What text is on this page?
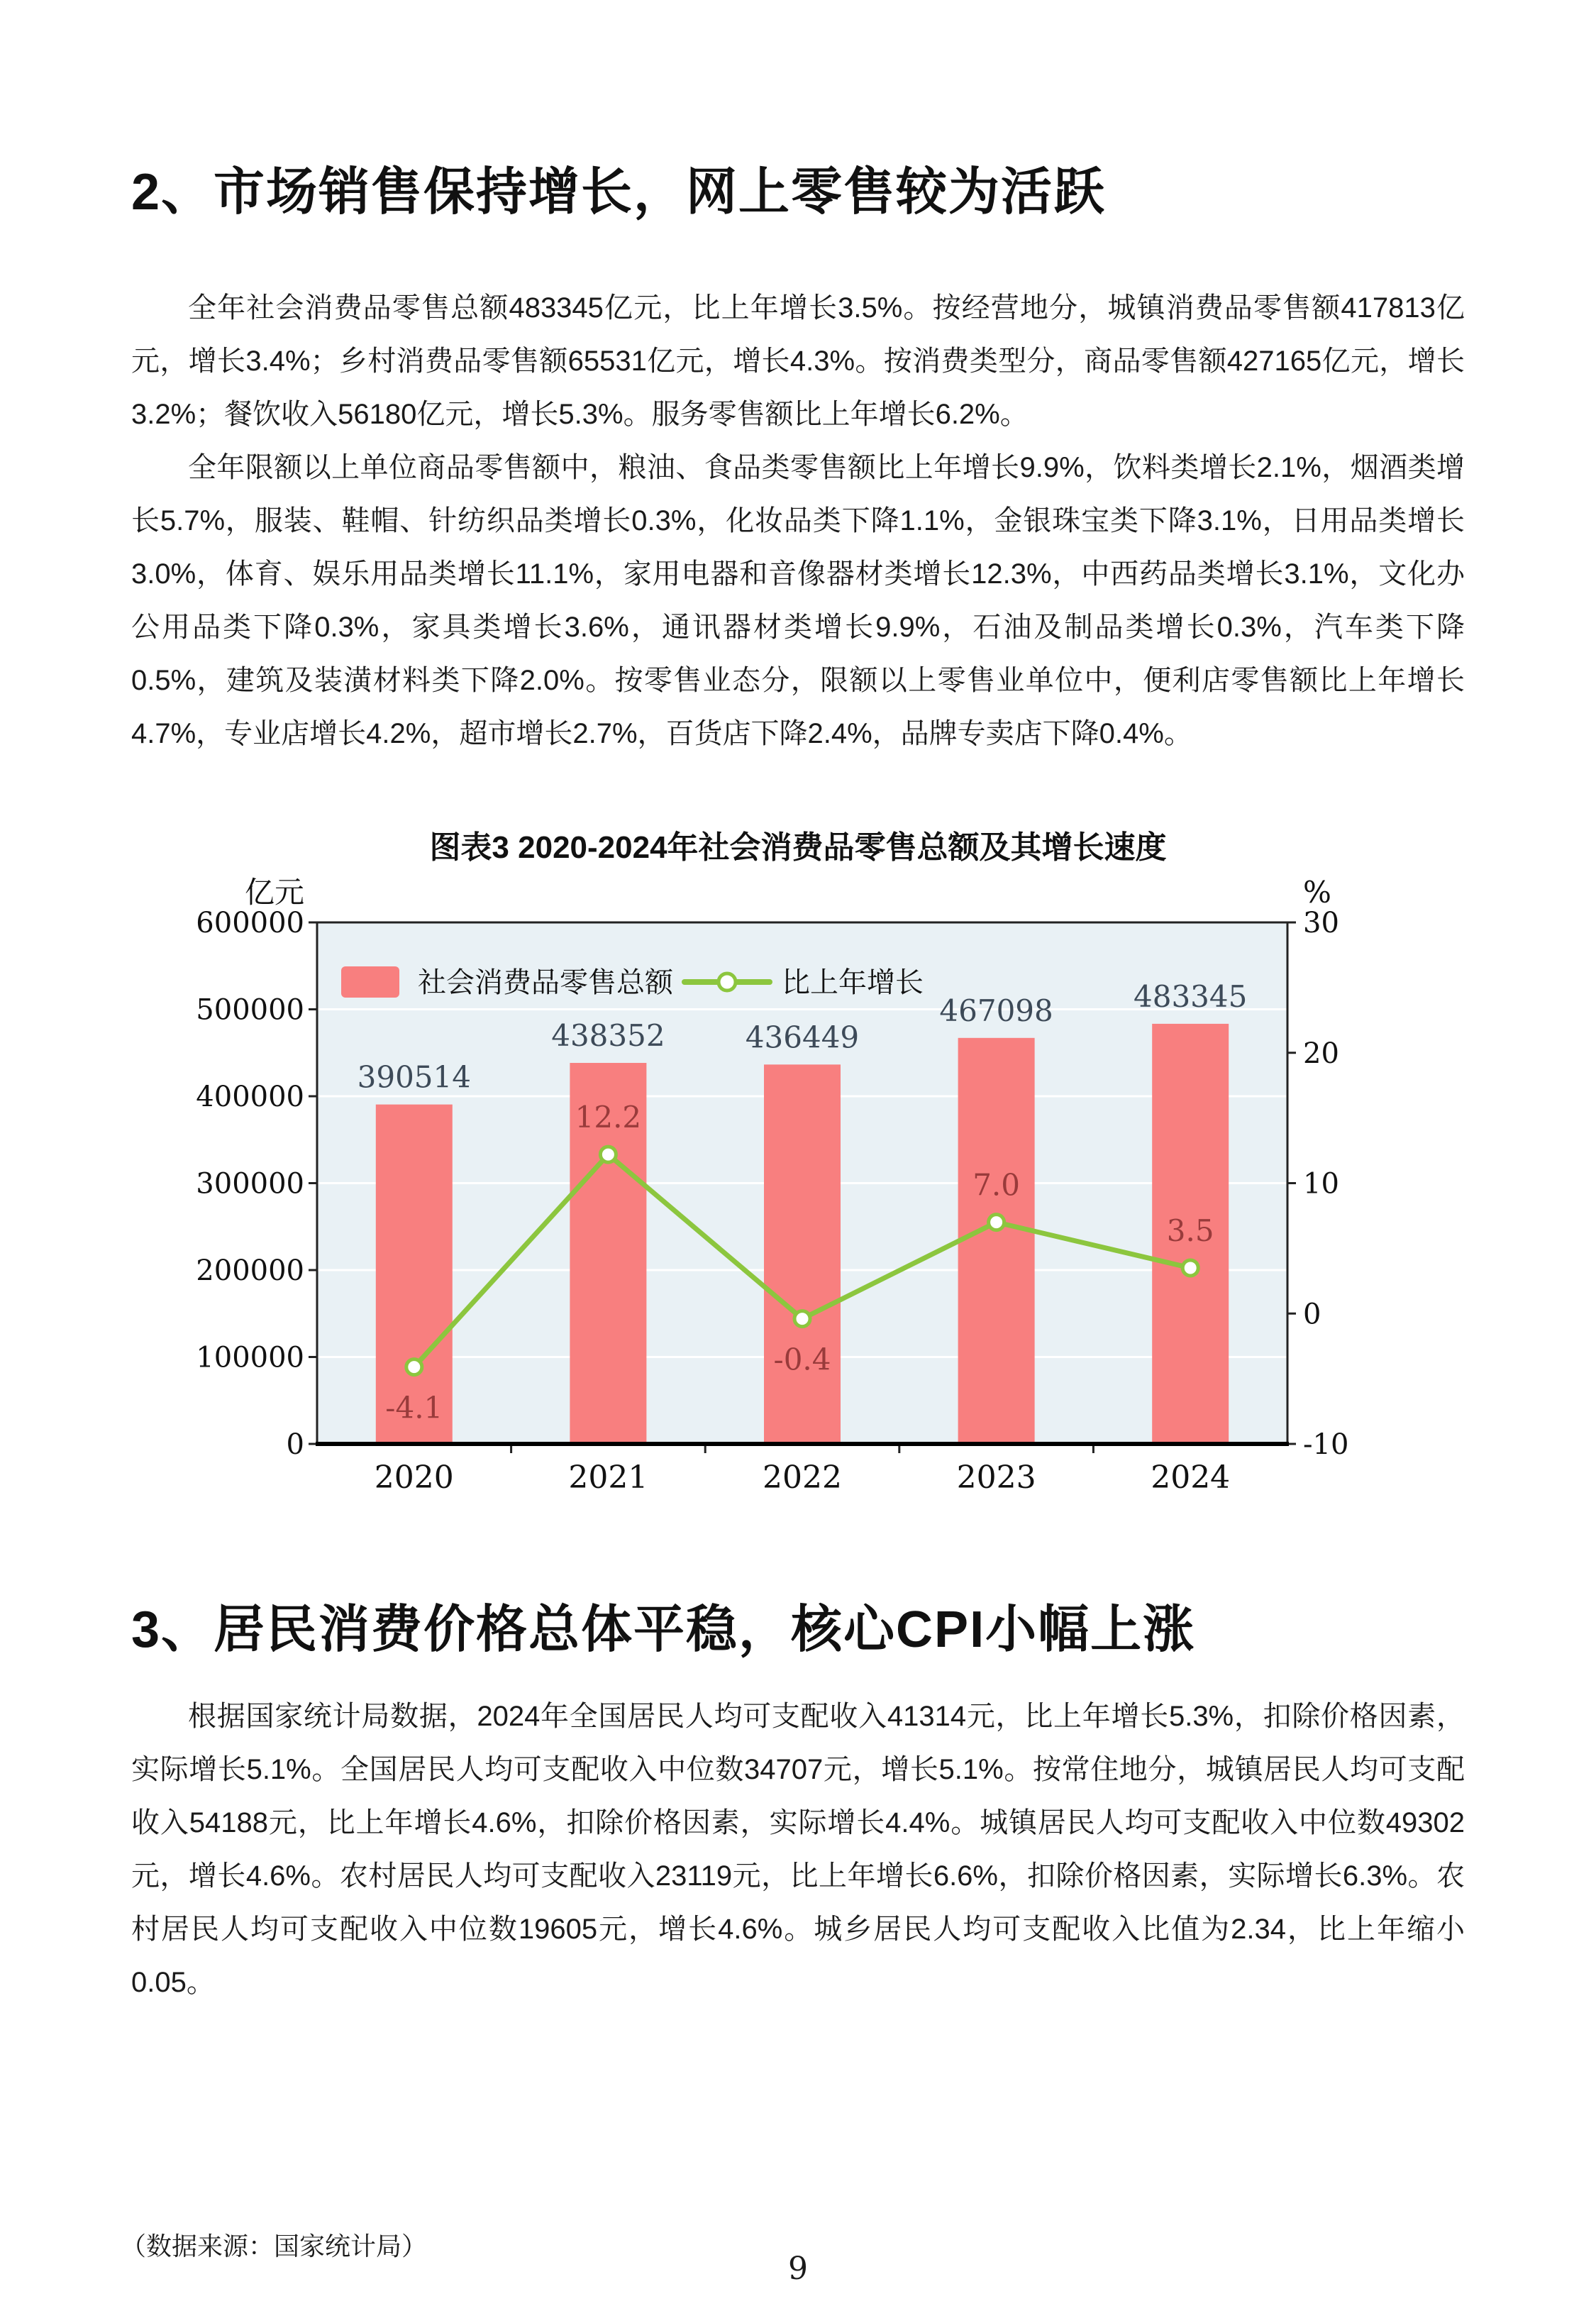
2、市场销售保持增长，网上零售较为活跃

全年社会消费品零售总额483345亿元，比上年增长3.5%。按经营地分，城镇消费品零售额417813亿元，增长3.4%；乡村消费品零售额65531亿元，增长4.3%。按消费类型分，商品零售额427165亿元，增长3.2%；餐饮收入56180亿元，增长5.3%。服务零售额比上年增长6.2%。

全年限额以上单位商品零售额中，粮油、食品类零售额比上年增长9.9%，饮料类增长2.1%，烟酒类增长5.7%，服装、鞋帽、针纺织品类增长0.3%，化妆品类下降1.1%，金银珠宝类下降3.1%，日用品类增长3.0%，体育、娱乐用品类增长11.1%，家用电器和音像器材类增长12.3%，中西药品类增长3.1%，文化办公用品类下降0.3%，家具类增长3.6%，通讯器材类增长9.9%，石油及制品类增长0.3%，汽车类下降0.5%，建筑及装潢材料类下降2.0%。按零售业态分，限额以上零售业单位中，便利店零售额比上年增长4.7%，专业店增长4.2%，超市增长2.7%，百货店下降2.4%，品牌专卖店下降0.4%。

图表3 2020-2024年社会消费品零售总额及其增长速度
600000
500000
400000
300000
200000
100000
0
亿元
30
20
10
0
-10
%
390514
2020
438352
2021
436449
2022
467098
2023
483345
2024
-4.1
12.2
-0.4
7.0
3.5
社会消费品零售总额	比上年增长
3、居民消费价格总体平稳，核心CPI小幅上涨

根据国家统计局数据，2024年全国居民人均可支配收入41314元，比上年增长5.3%，扣除价格因素，实际增长5.1%。全国居民人均可支配收入中位数34707元，增长5.1%。按常住地分，城镇居民人均可支配收入54188元，比上年增长4.6%，扣除价格因素，实际增长4.4%。城镇居民人均可支配收入中位数49302元，增长4.6%。农村居民人均可支配收入23119元，比上年增长6.6%，扣除价格因素，实际增长6.3%。农村居民人均可支配收入中位数19605元，增长4.6%。城乡居民人均可支配收入比值为2.34，比上年缩小0.05。

（数据来源：国家统计局）
9
